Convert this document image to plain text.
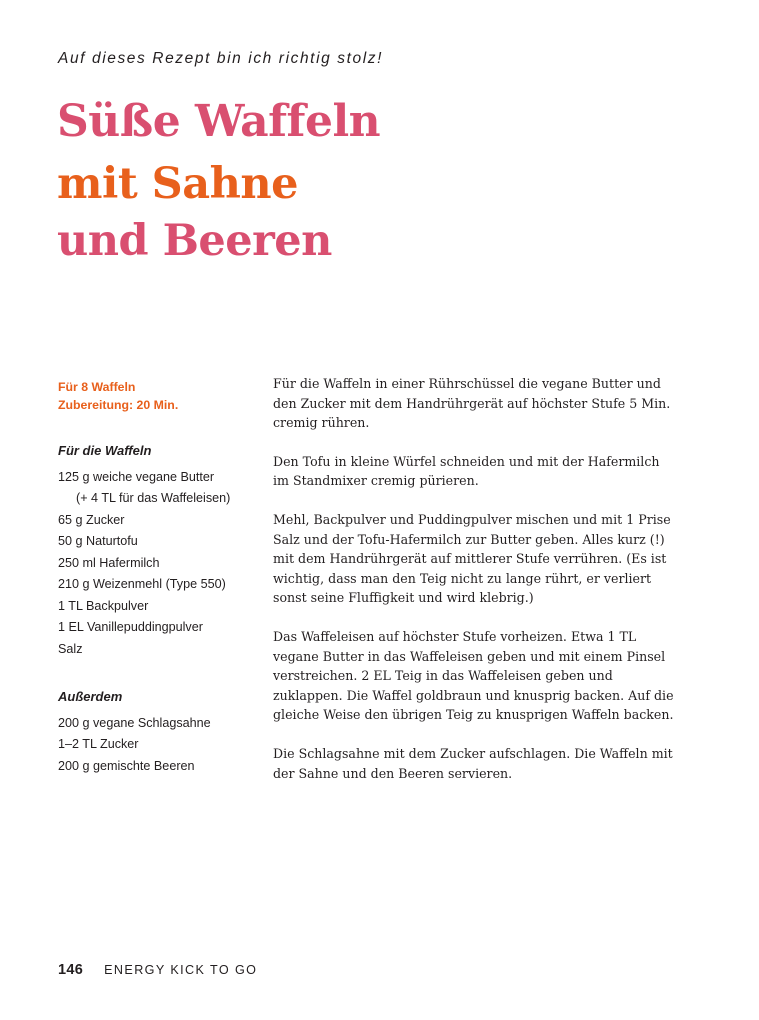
Auf dieses Rezept bin ich richtig stolz!
Süße Waffeln
mit Sahne
und Beeren
Für 8 Waffeln
Zubereitung: 20 Min.
Für die Waffeln
125 g weiche vegane Butter
(+ 4 TL für das Waffeleisen)
65 g Zucker
50 g Naturtofu
250 ml Hafermilch
210 g Weizenmehl (Type 550)
1 TL Backpulver
1 EL Vanillepuddingpulver
Salz
Außerdem
200 g vegane Schlagsahne
1–2 TL Zucker
200 g gemischte Beeren

Für die Waffeln in einer Rührschüssel die vegane Butter und den Zucker mit dem Handrührgerät auf höchster Stufe 5 Min. cremig rühren.

Den Tofu in kleine Würfel schneiden und mit der Hafermilch im Standmixer cremig pürieren.

Mehl, Backpulver und Puddingpulver mischen und mit 1 Prise Salz und der Tofu-Hafermilch zur Butter geben. Alles kurz (!) mit dem Handrührgerät auf mittlerer Stufe verrühren. (Es ist wichtig, dass man den Teig nicht zu lange rührt, er verliert sonst seine Fluffigkeit und wird klebrig.)

Das Waffeleisen auf höchster Stufe vorheizen. Etwa 1 TL vegane Butter in das Waffeleisen geben und mit einem Pinsel verstreichen. 2 EL Teig in das Waffeleisen geben und zuklappen. Die Waffel goldbraun und knusprig backen. Auf die gleiche Weise den übrigen Teig zu knusprigen Waffeln backen.

Die Schlagsahne mit dem Zucker aufschlagen. Die Waffeln mit der Sahne und den Beeren servieren.

146 ENERGY KICK TO GO
